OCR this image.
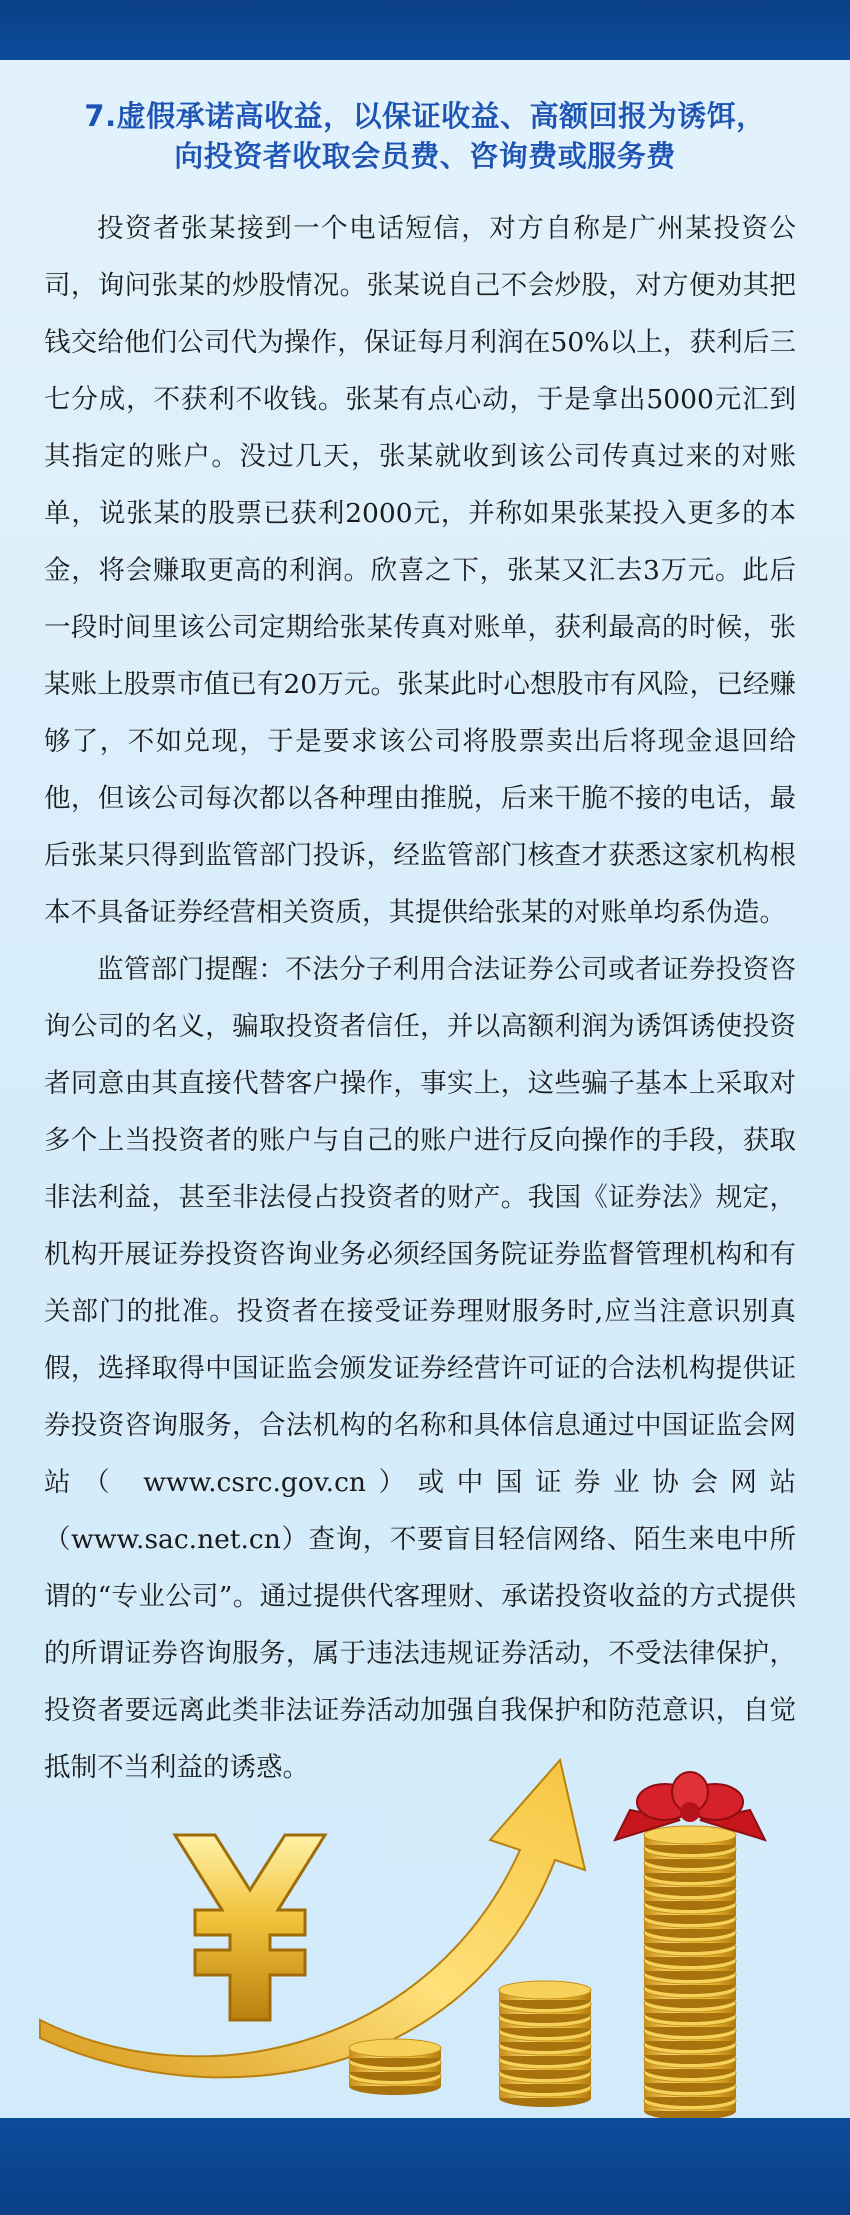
7.虚假承诺高收益，以保证收益、高额回报为诱饵，
向投资者收取会员费、咨询费或服务费

投资者张某接到一个电话短信，对方自称是广州某投资公司，询问张某的炒股情况。张某说自己不会炒股，对方便劝其把钱交给他们公司代为操作，保证每月利润在50%以上，获利后三七分成，不获利不收钱。张某有点心动，于是拿出5000元汇到其指定的账户。没过几天，张某就收到该公司传真过来的对账单，说张某的股票已获利2000元，并称如果张某投入更多的本金，将会赚取更高的利润。欣喜之下，张某又汇去3万元。此后一段时间里该公司定期给张某传真对账单，获利最高的时候，张某账上股票市值已有20万元。张某此时心想股市有风险，已经赚够了，不如兑现，于是要求该公司将股票卖出后将现金退回给他，但该公司每次都以各种理由推脱，后来干脆不接的电话，最后张某只得到监管部门投诉，经监管部门核查才获悉这家机构根本不具备证券经营相关资质，其提供给张某的对账单均系伪造。

监管部门提醒：不法分子利用合法证券公司或者证券投资咨询公司的名义，骗取投资者信任，并以高额利润为诱饵诱使投资者同意由其直接代替客户操作，事实上，这些骗子基本上采取对多个上当投资者的账户与自己的账户进行反向操作的手段，获取非法利益，甚至非法侵占投资者的财产。我国《证券法》规定，机构开展证券投资咨询业务必须经国务院证券监督管理机构和有关部门的批准。投资者在接受证券理财服务时,应当注意识别真假，选择取得中国证监会颁发证券经营许可证的合法机构提供证券投资咨询服务，合法机构的名称和具体信息通过中国证监会网站（ www.csrc.gov.cn）或中国证券业协会网站（www.sac.net.cn）查询，不要盲目轻信网络、陌生来电中所谓的“专业公司”。通过提供代客理财、承诺投资收益的方式提供的所谓证券咨询服务，属于违法违规证券活动，不受法律保护，投资者要远离此类非法证券活动加强自我保护和防范意识，自觉抵制不当利益的诱惑。
